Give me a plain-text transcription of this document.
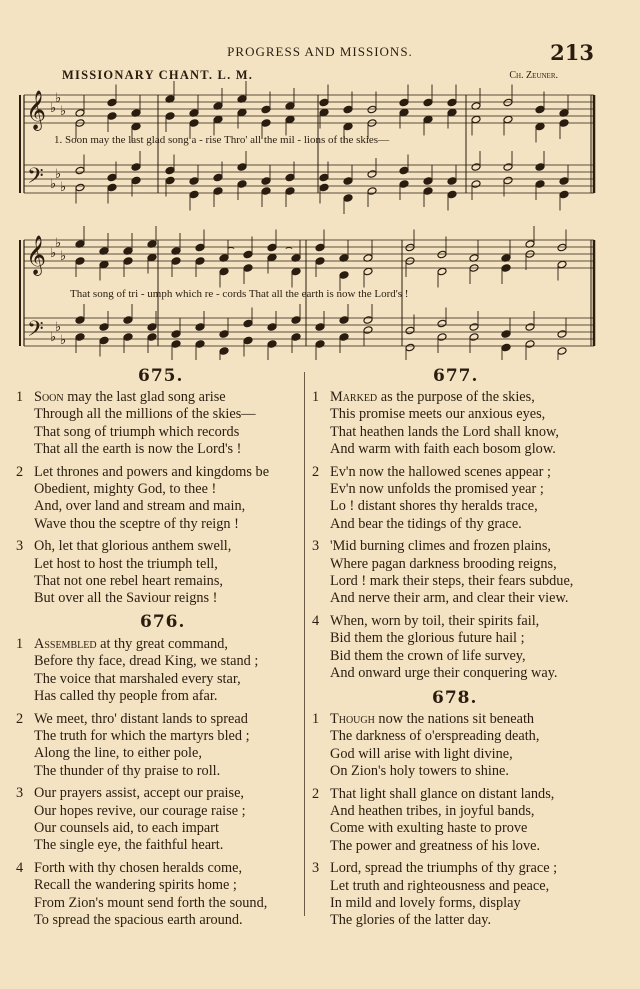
PROGRESS AND MISSIONS.	213
MISSIONARY CHANT. L. M.	Ch. Zeuner.
𝄞
𝄢
♭
♭
♭
♭
♭
♭
𝄞
𝄢
♭
♭
♭
♭
♭
♭
⌢	⌢
1. Soon may the last glad song a - rise Thro' all the mil - lions of the skies—
That song of tri - umph which re - cords That all the earth is now the Lord's !
675.
1 Soon may the last glad song arise
Through all the millions of the skies—
That song of triumph which records
That all the earth is now the Lord's !
2 Let thrones and powers and kingdoms be
Obedient, mighty God, to thee !
And, over land and stream and main,
Wave thou the sceptre of thy reign !
3 Oh, let that glorious anthem swell,
Let host to host the triumph tell,
That not one rebel heart remains,
But over all the Saviour reigns !
676.
1 Assembled at thy great command,
Before thy face, dread King, we stand ;
The voice that marshaled every star,
Has called thy people from afar.
2 We meet, thro' distant lands to spread
The truth for which the martyrs bled ;
Along the line, to either pole,
The thunder of thy praise to roll.
3 Our prayers assist, accept our praise,
Our hopes revive, our courage raise ;
Our counsels aid, to each impart
The single eye, the faithful heart.
4 Forth with thy chosen heralds come,
Recall the wandering spirits home ;
From Zion's mount send forth the sound,
To spread the spacious earth around.
677.
1 Marked as the purpose of the skies,
This promise meets our anxious eyes,
That heathen lands the Lord shall know,
And warm with faith each bosom glow.
2 Ev'n now the hallowed scenes appear ;
Ev'n now unfolds the promised year ;
Lo ! distant shores thy heralds trace,
And bear the tidings of thy grace.
3 'Mid burning climes and frozen plains,
Where pagan darkness brooding reigns,
Lord ! mark their steps, their fears subdue,
And nerve their arm, and clear their view.
4 When, worn by toil, their spirits fail,
Bid them the glorious future hail ;
Bid them the crown of life survey,
And onward urge their conquering way.
678.
1 Though now the nations sit beneath
The darkness of o'erspreading death,
God will arise with light divine,
On Zion's holy towers to shine.
2 That light shall glance on distant lands,
And heathen tribes, in joyful bands,
Come with exulting haste to prove
The power and greatness of his love.
3 Lord, spread the triumphs of thy grace ;
Let truth and righteousness and peace,
In mild and lovely forms, display
The glories of the latter day.
